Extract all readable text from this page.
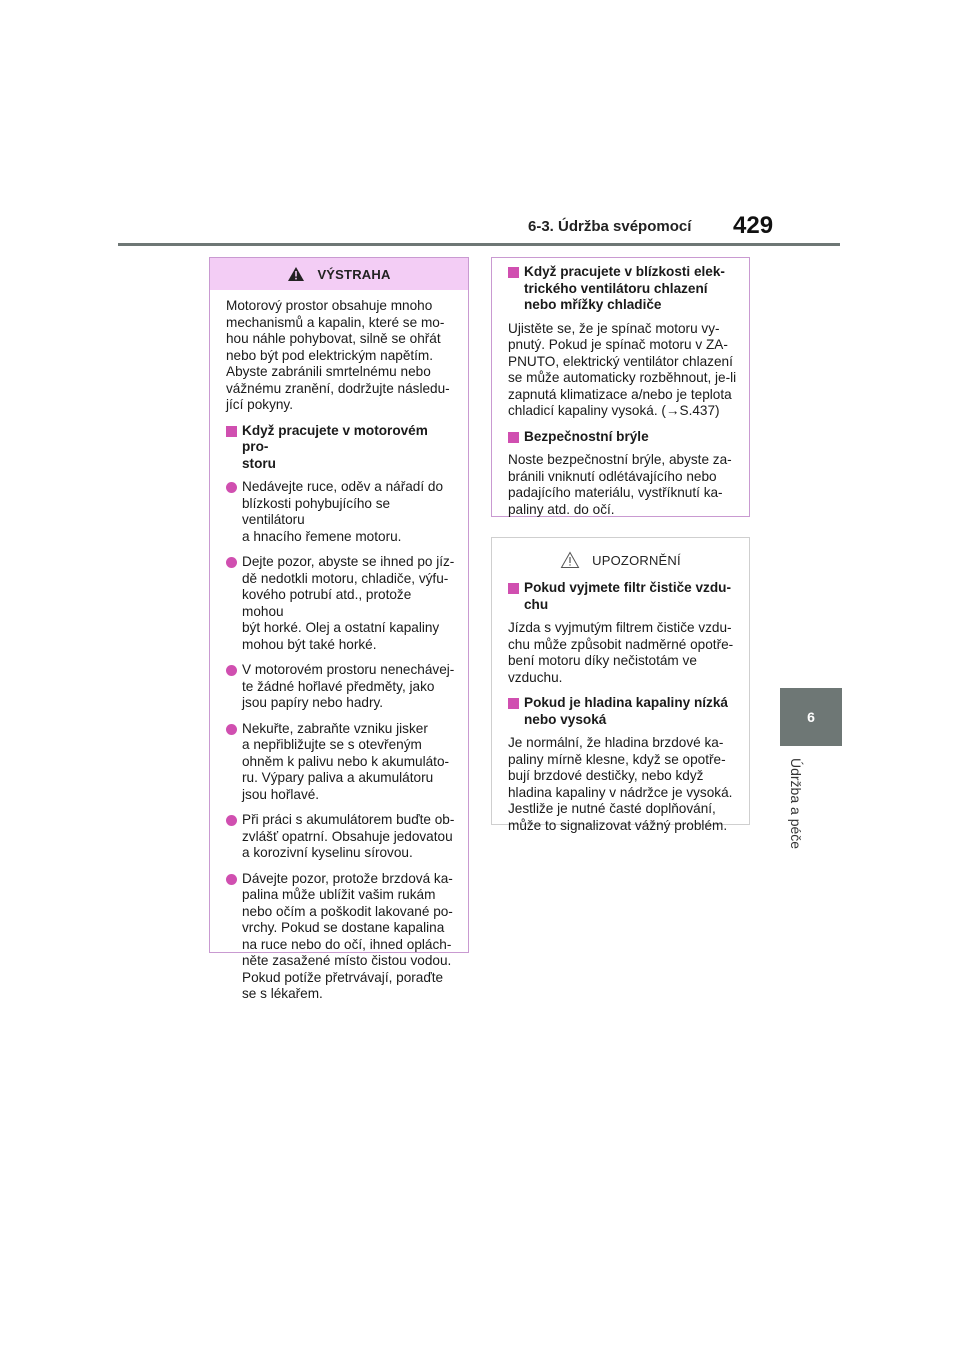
6-3. Údržba svépomocí 429
6
Údržba a péče
VÝSTRAHA

Motorový prostor obsahuje mnoho
mechanismů a kapalin, které se mo-
hou náhle pohybovat, silně se ohřát
nebo být pod elektrickým napětím.
Abyste zabránili smrtelnému nebo
vážnému zranění, dodržujte následu-
jící pokyny.

Když pracujete v motorovém pro-
storu
Nedávejte ruce, oděv a nářadí do
blízkosti pohybujícího se ventilátoru
a hnacího řemene motoru.
Dejte pozor, abyste se ihned po jíz-
dě nedotkli motoru, chladiče, výfu-
kového potrubí atd., protože mohou
být horké. Olej a ostatní kapaliny
mohou být také horké.
V motorovém prostoru nenechávej-
te žádné hořlavé předměty, jako
jsou papíry nebo hadry.
Nekuřte, zabraňte vzniku jisker
a nepřibližujte se s otevřeným
ohněm k palivu nebo k akumuláto-
ru. Výpary paliva a akumulátoru
jsou hořlavé.
Při práci s akumulátorem buďte ob-
zvlášť opatrní. Obsahuje jedovatou
a korozivní kyselinu sírovou.
Dávejte pozor, protože brzdová ka-
palina může ublížit vašim rukám
nebo očím a poškodit lakované po-
vrchy. Pokud se dostane kapalina
na ruce nebo do očí, ihned oplách-
něte zasažené místo čistou vodou.
Pokud potíže přetrvávají, poraďte
se s lékařem.
Když pracujete v blízkosti elek-
trického ventilátoru chlazení
nebo mřížky chladiče

Ujistěte se, že je spínač motoru vy-
pnutý. Pokud je spínač motoru v ZA-
PNUTO, elektrický ventilátor chlazení
se může automaticky rozběhnout, je-li
zapnutá klimatizace a/nebo je teplota
chladicí kapaliny vysoká. (→S.437)

Bezpečnostní brýle

Noste bezpečnostní brýle, abyste za-
bránili vniknutí odlétávajícího nebo
padajícího materiálu, vystříknutí ka-
paliny atd. do očí.

UPOZORNĚNÍ
Pokud vyjmete filtr čističe vzdu-
chu

Jízda s vyjmutým filtrem čističe vzdu-
chu může způsobit nadměrné opotře-
bení motoru díky nečistotám ve
vzduchu.

Pokud je hladina kapaliny nízká
nebo vysoká

Je normální, že hladina brzdové ka-
paliny mírně klesne, když se opotře-
bují brzdové destičky, nebo když
hladina kapaliny v nádržce je vysoká.
Jestliže je nutné časté doplňování,
může to signalizovat vážný problém.
